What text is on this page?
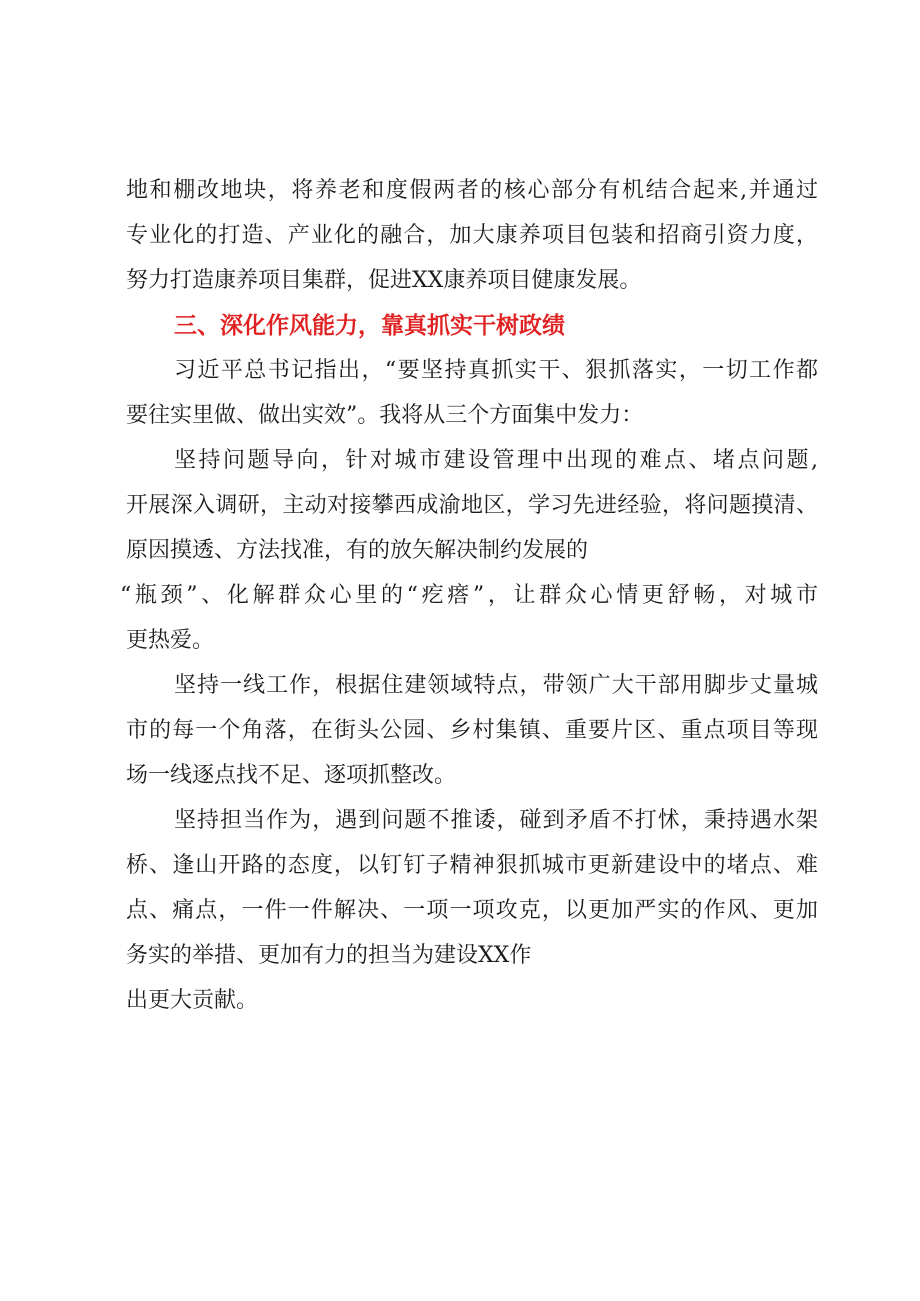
地和棚改地块，将养老和度假两者的核心部分有机结合起来,并通过
专业化的打造、产业化的融合，加大康养项目包装和招商引资力度，
努力打造康养项目集群，促进XX康养项目健康发展。
三、深化作风能力，靠真抓实干树政绩
习近平总书记指出，“要坚持真抓实干、狠抓落实，一切工作都
要往实里做、做出实效”。我将从三个方面集中发力：
坚持问题导向，针对城市建设管理中出现的难点、堵点问题,
开展深入调研，主动对接攀西成渝地区，学习先进经验，将问题摸清、
原因摸透、方法找准，有的放矢解决制约发展的
“瓶颈”、化解群众心里的“疙瘩”，让群众心情更舒畅，对城市
更热爱。
坚持一线工作，根据住建领域特点，带领广大干部用脚步丈量城
市的每一个角落，在街头公园、乡村集镇、重要片区、重点项目等现
场一线逐点找不足、逐项抓整改。
坚持担当作为，遇到问题不推诿，碰到矛盾不打怵，秉持遇水架
桥、逢山开路的态度，以钉钉子精神狠抓城市更新建设中的堵点、难
点、痛点，一件一件解决、一项一项攻克，以更加严实的作风、更加
务实的举措、更加有力的担当为建设XX作
出更大贡献。
